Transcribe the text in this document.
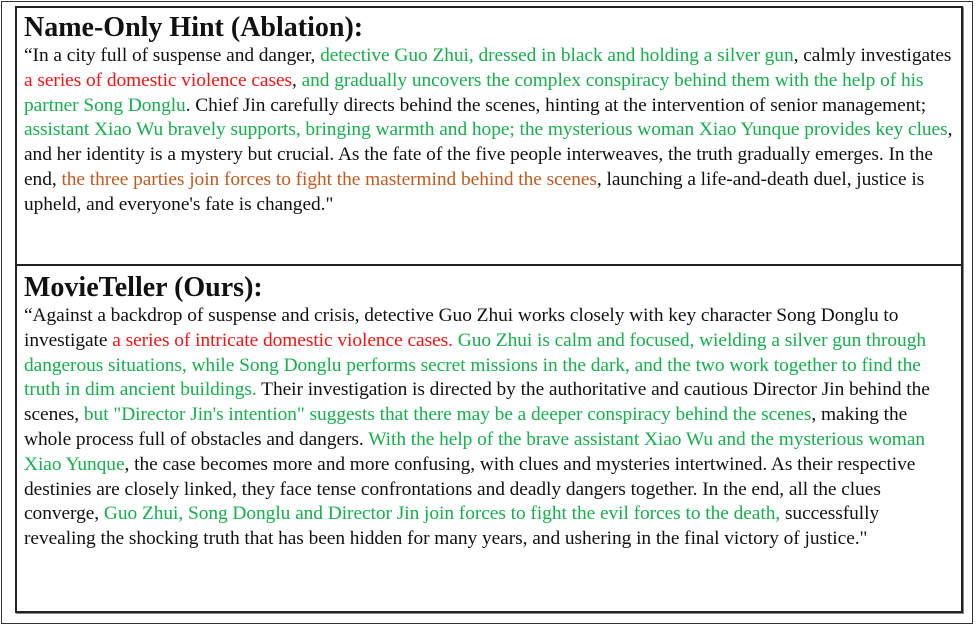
Name-Only Hint (Ablation):
“In a city full of suspense and danger, detective Guo Zhui, dressed in black and holding a silver gun, calmly investigates a series of domestic violence cases, and gradually uncovers the complex conspiracy behind them with the help of his partner Song Donglu. Chief Jin carefully directs behind the scenes, hinting at the intervention of senior management; assistant Xiao Wu bravely supports, bringing warmth and hope; the mysterious woman Xiao Yunque provides key clues, and her identity is a mystery but crucial. As the fate of the five people interweaves, the truth gradually emerges. In the end, the three parties join forces to fight the mastermind behind the scenes, launching a life-and-death duel, justice is upheld, and everyone's fate is changed."
MovieTeller (Ours):
“Against a backdrop of suspense and crisis, detective Guo Zhui works closely with key character Song Donglu to investigate a series of intricate domestic violence cases. Guo Zhui is calm and focused, wielding a silver gun through dangerous situations, while Song Donglu performs secret missions in the dark, and the two work together to find the truth in dim ancient buildings. Their investigation is directed by the authoritative and cautious Director Jin behind the scenes, but "Director Jin's intention" suggests that there may be a deeper conspiracy behind the scenes, making the whole process full of obstacles and dangers. With the help of the brave assistant Xiao Wu and the mysterious woman Xiao Yunque, the case becomes more and more confusing, with clues and mysteries intertwined. As their respective destinies are closely linked, they face tense confrontations and deadly dangers together. In the end, all the clues converge, Guo Zhui, Song Donglu and Director Jin join forces to fight the evil forces to the death, successfully revealing the shocking truth that has been hidden for many years, and ushering in the final victory of justice."
